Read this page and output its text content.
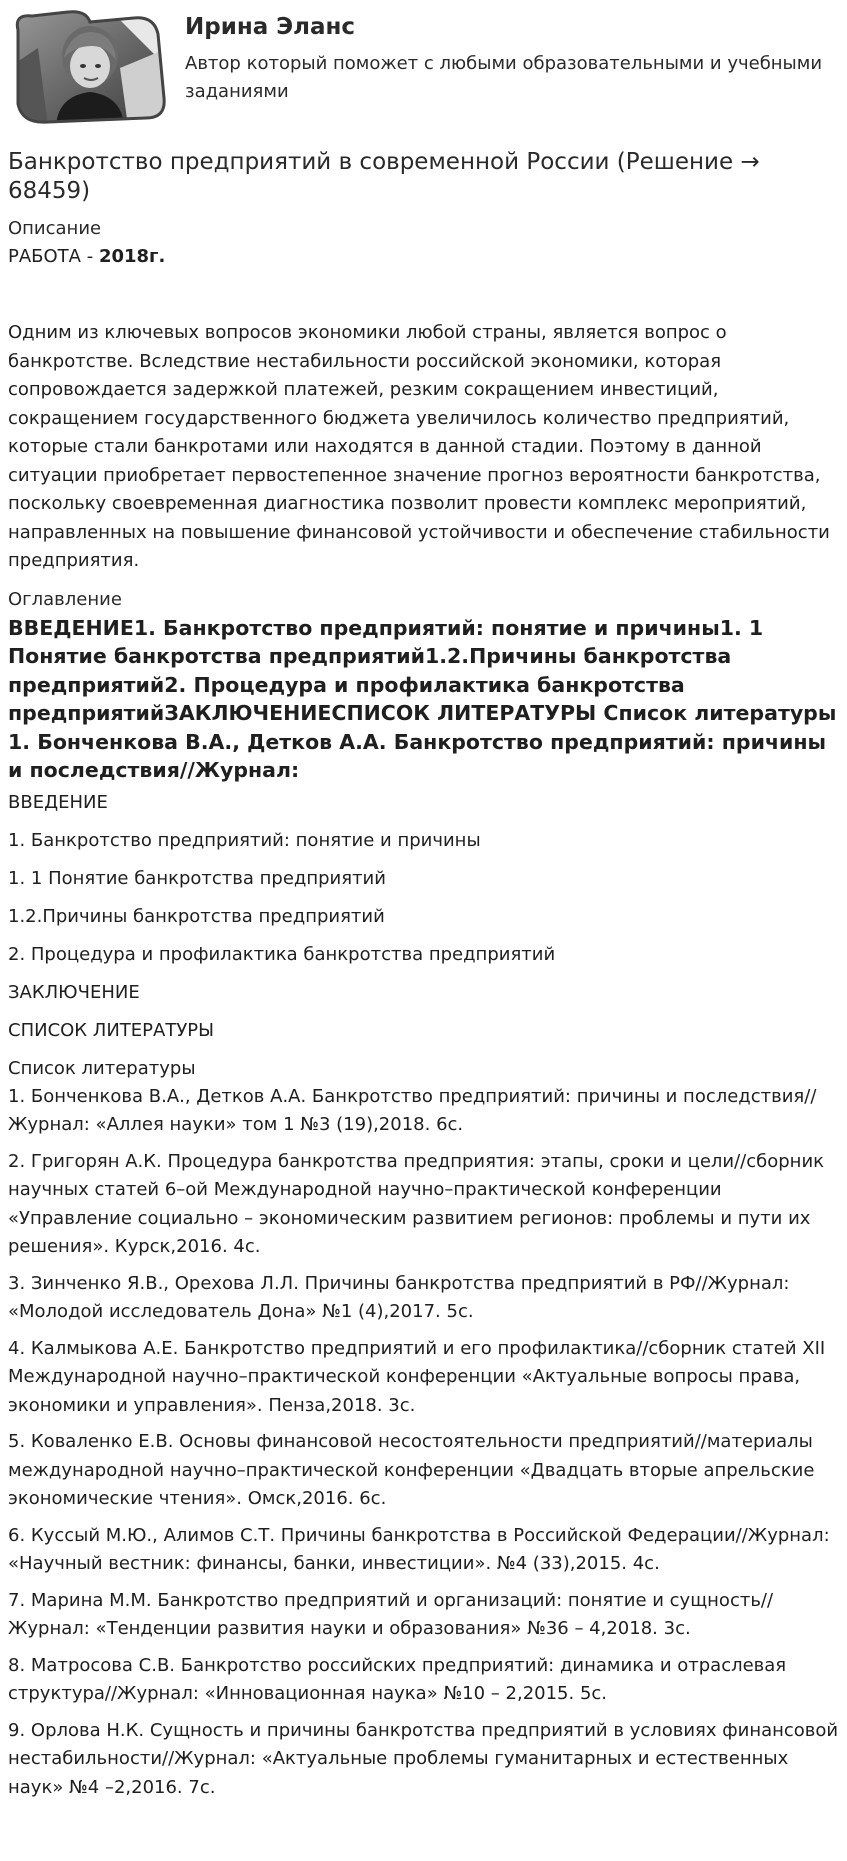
Ирина Эланс
Автор который поможет с любыми образовательными и учебными заданиями
Банкротство предприятий в современной России (Решение → 68459)
Описание
РАБОТА - 2018г.
Одним из ключевых вопросов экономики любой страны, является вопрос о банкротстве. Вследствие нестабильности российской экономики, которая сопровождается задержкой платежей, резким сокращением инвестиций, сокращением государственного бюджета увеличилось количество предприятий, которые стали банкротами или находятся в данной стадии. Поэтому в данной ситуации приобретает первостепенное значение прогноз вероятности банкротства, поскольку своевременная диагностика позволит провести комплекс мероприятий, направленных на повышение финансовой устойчивости и обеспечение стабильности предприятия.
Оглавление
ВВЕДЕНИЕ1. Банкротство предприятий: понятие и причины1. 1 Понятие банкротства предприятий1.2.Причины банкротства предприятий2. Процедура и профилактика банкротства предприятийЗАКЛЮЧЕНИЕСПИСОК ЛИТЕРАТУРЫ Список литературы 1. Бонченкова В.А., Детков А.А. Банкротство предприятий: причины и последствия//Журнал:
ВВЕДЕНИЕ
1. Банкротство предприятий: понятие и причины
1. 1 Понятие банкротства предприятий
1.2.Причины банкротства предприятий
2. Процедура и профилактика банкротства предприятий
ЗАКЛЮЧЕНИЕ
СПИСОК ЛИТЕРАТУРЫ
Список литературы
1. Бонченкова В.А., Детков А.А. Банкротство предприятий: причины и последствия//Журнал: «Аллея науки» том 1 №3 (19),2018. 6с.
2. Григорян А.К. Процедура банкротства предприятия: этапы, сроки и цели//сборник научных статей 6–ой Международной научно–практической конференции «Управление социально – экономическим развитием регионов: проблемы и пути их решения». Курск,2016. 4с.
3. Зинченко Я.В., Орехова Л.Л. Причины банкротства предприятий в РФ//Журнал: «Молодой исследователь Дона» №1 (4),2017. 5с.
4. Калмыкова А.Е. Банкротство предприятий и его профилактика//сборник статей XII Международной научно–практической конференции «Актуальные вопросы права, экономики и управления». Пенза,2018. 3с.
5. Коваленко Е.В. Основы финансовой несостоятельности предприятий//материалы международной научно–практической конференции «Двадцать вторые апрельские экономические чтения». Омск,2016. 6с.
6. Куссый М.Ю., Алимов С.Т. Причины банкротства в Российской Федерации//Журнал: «Научный вестник: финансы, банки, инвестиции». №4 (33),2015. 4с.
7. Марина М.М. Банкротство предприятий и организаций: понятие и сущность//Журнал: «Тенденции развития науки и образования» №36 – 4,2018. 3с.
8. Матросова С.В. Банкротство российских предприятий: динамика и отраслевая структура//Журнал: «Инновационная наука» №10 – 2,2015. 5с.
9. Орлова Н.К. Сущность и причины банкротства предприятий в условиях финансовой нестабильности//Журнал: «Актуальные проблемы гуманитарных и естественных наук» №4 –2,2016. 7с.
